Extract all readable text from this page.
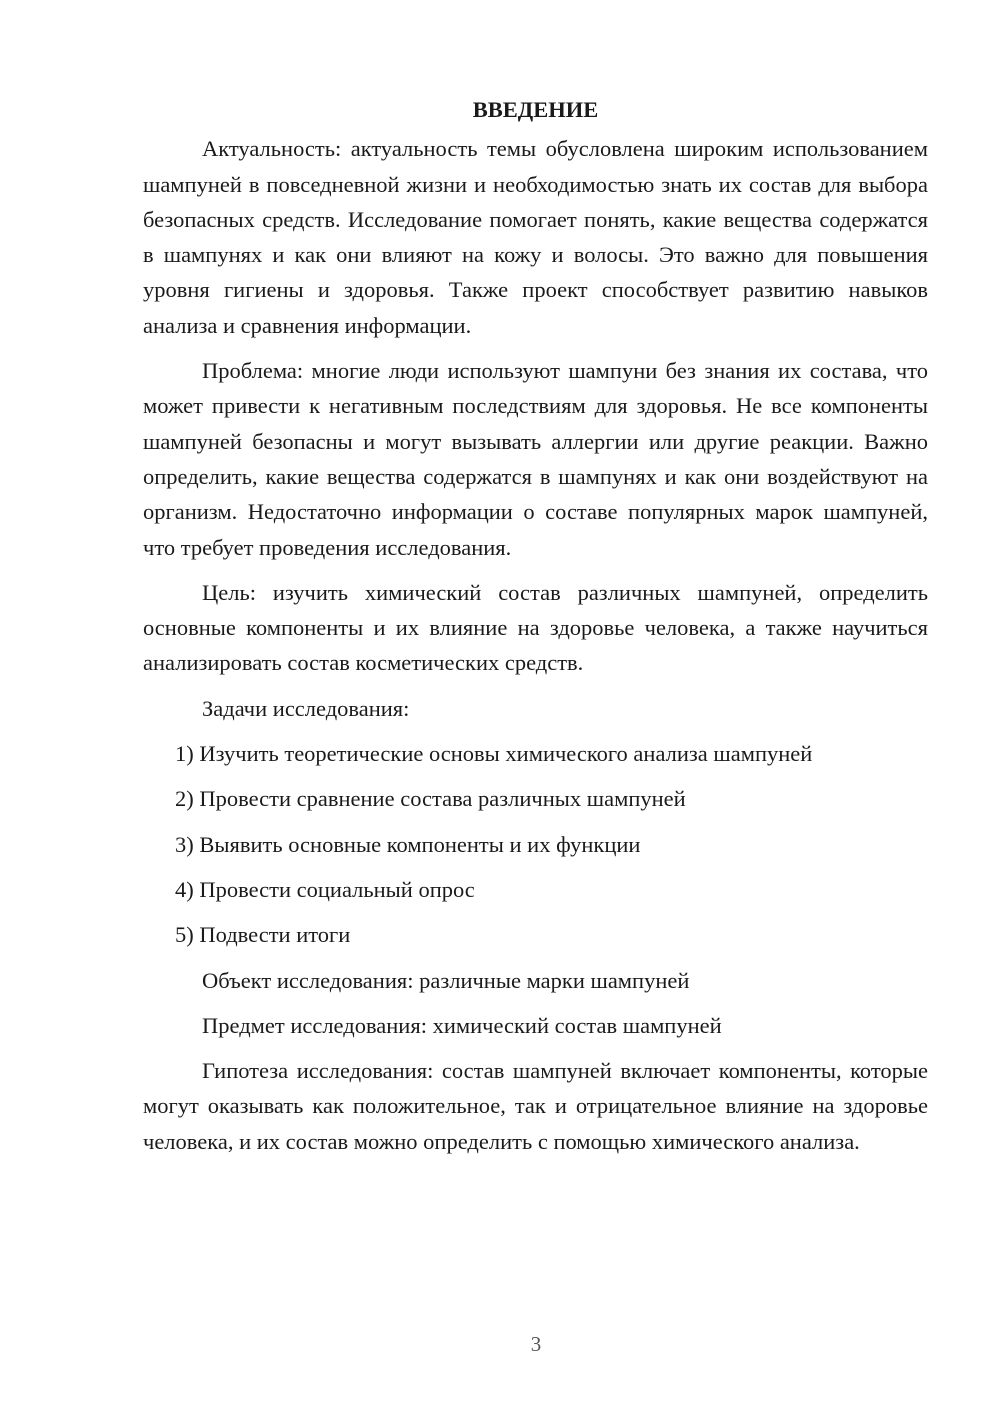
ВВЕДЕНИЕ

Актуальность: актуальность темы обусловлена широким использованием шампуней в повседневной жизни и необходимостью знать их состав для выбора безопасных средств. Исследование помогает понять, какие вещества содержатся в шампунях и как они влияют на кожу и волосы. Это важно для повышения уровня гигиены и здоровья. Также проект способствует развитию навыков анализа и сравнения информации.

Проблема: многие люди используют шампуни без знания их состава, что может привести к негативным последствиям для здоровья. Не все компоненты шампуней безопасны и могут вызывать аллергии или другие реакции. Важно определить, какие вещества содержатся в шампунях и как они воздействуют на организм. Недостаточно информации о составе популярных марок шампуней, что требует проведения исследования.

Цель: изучить химический состав различных шампуней, определить основные компоненты и их влияние на здоровье человека, а также научиться анализировать состав косметических средств.

Задачи исследования:
1) Изучить теоретические основы химического анализа шампуней
2) Провести сравнение состава различных шампуней
3) Выявить основные компоненты и их функции
4) Провести социальный опрос
5) Подвести итоги
Объект исследования: различные марки шампуней
Предмет исследования: химический состав шампуней

Гипотеза исследования: состав шампуней включает компоненты, которые могут оказывать как положительное, так и отрицательное влияние на здоровье человека, и их состав можно определить с помощью химического анализа.

3
